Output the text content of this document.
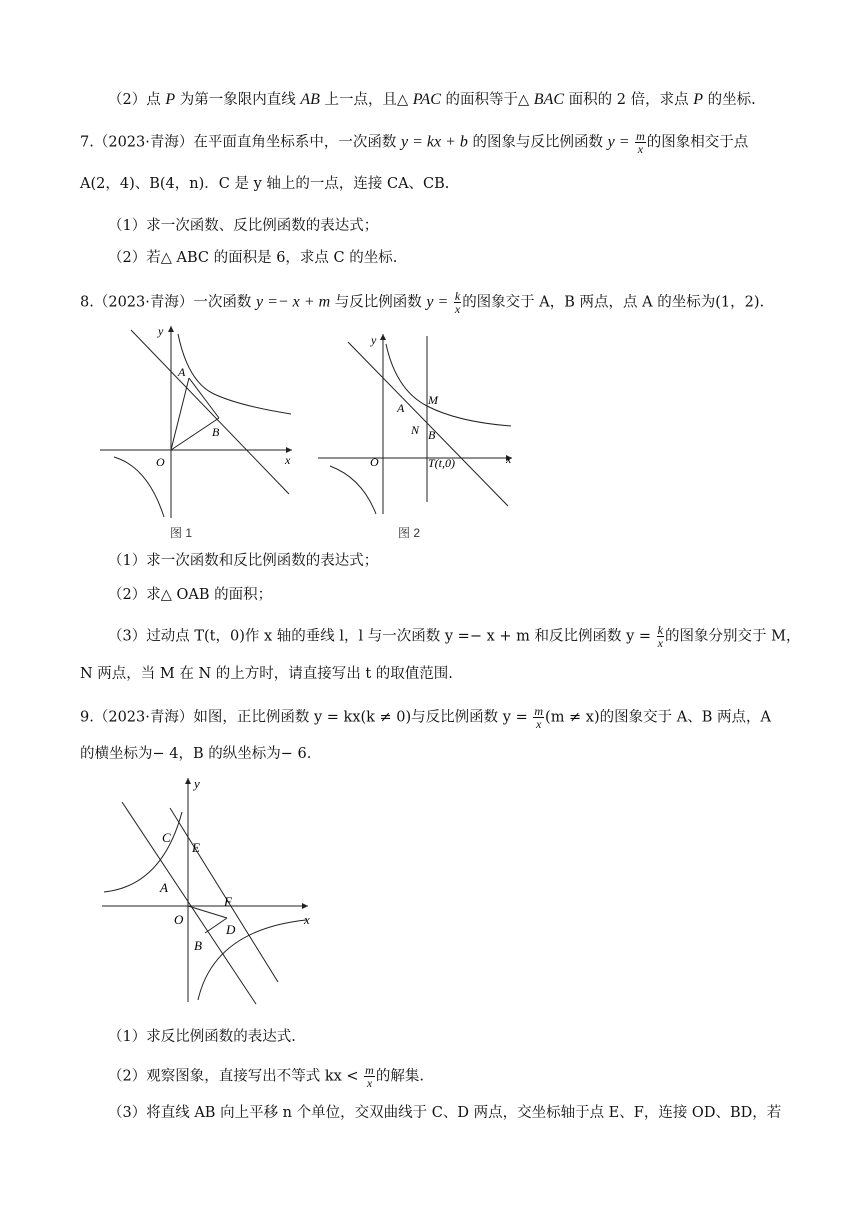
（2）点 P 为第一象限内直线 AB 上一点，且△ PAC 的面积等于△ BAC 面积的 2 倍，求点 P 的坐标.
7.（2023·青海）在平面直角坐标系中，一次函数 y = kx + b 的图象与反比例函数 $y = \frac{m}{x}$ 的图象相交于点
A(2，4)、B(4，n)．C 是 y 轴上的一点，连接 CA、CB.
（1）求一次函数、反比例函数的表达式；
（2）若△ ABC 的面积是 6，求点 C 的坐标.
8.（2023·青海）一次函数 y =− x + m 与反比例函数 $y = \frac{k}{x}$ 的图象交于 A，B 两点，点 A 的坐标为(1，2).
y
x
O
A
B
图 1
y
x
O
A
M
N B
T(t,0)
图 2
（1）求一次函数和反比例函数的表达式；
（2）求△ OAB 的面积；
（3）过动点 T(t，0)作 x 轴的垂线 l，l 与一次函数 y =− x + m 和反比例函数 $y = \frac{k}{x}$ 的图象分别交于 M，
N 两点，当 M 在 N 的上方时，请直接写出 t 的取值范围.
9.（2023·青海）如图，正比例函数 y = kx(k ≠ 0)与反比例函数 $y = \frac{m}{x} (m \ne x)$的图象交于 A、B 两点，A
的横坐标为− 4，B 的纵坐标为− 6.
y
x
O
A
B
C
D
E
F
（1）求反比例函数的表达式.
（2）观察图象，直接写出不等式 kx < $\frac{m}{x}$ 的解集.
（3）将直线 AB 向上平移 n 个单位，交双曲线于 C、D 两点，交坐标轴于点 E、F，连接 OD、BD，若
